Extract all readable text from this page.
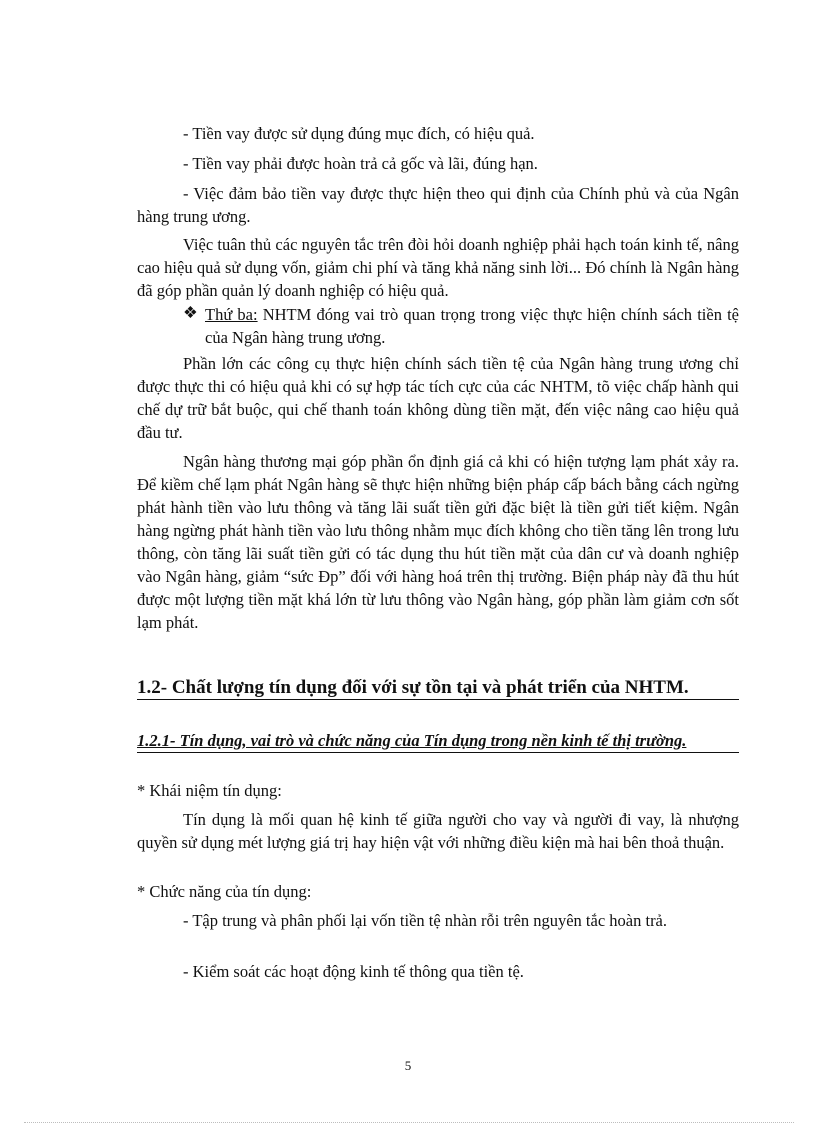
- Tiền vay được sử dụng đúng mục đích, có hiệu quả.

- Tiền vay phải được hoàn trả cả gốc và lãi, đúng hạn.

- Việc đảm bảo tiền vay được thực hiện theo qui định của Chính phủ và của Ngân hàng trung ương.

Việc tuân thủ các nguyên tắc trên đòi hỏi doanh nghiệp phải hạch toán kinh tế, nâng cao hiệu quả sử dụng vốn, giảm chi phí và tăng khả năng sinh lời... Đó chính là Ngân hàng đã góp phần quản lý doanh nghiệp có hiệu quả.

❖ Thứ ba: NHTM đóng vai trò quan trọng trong việc thực hiện chính sách tiền tệ của Ngân hàng trung ương.

Phần lớn các công cụ thực hiện chính sách tiền tệ của Ngân hàng trung ương chỉ được thực thi có hiệu quả khi có sự hợp tác tích cực của các NHTM, tõ việc chấp hành qui chế dự trữ bắt buộc, qui chế thanh toán không dùng tiền mặt, đến việc nâng cao hiệu quả đầu tư.

Ngân hàng thương mại góp phần ổn định giá cả khi có hiện tượng lạm phát xảy ra. Để kiềm chế lạm phát Ngân hàng sẽ thực hiện những biện pháp cấp bách bằng cách ngừng phát hành tiền vào lưu thông và tăng lãi suất tiền gửi đặc biệt là tiền gửi tiết kiệm. Ngân hàng ngừng phát hành tiền vào lưu thông nhằm mục đích không cho tiền tăng lên trong lưu thông, còn tăng lãi suất tiền gửi có tác dụng thu hút tiền mặt của dân cư và doanh nghiệp vào Ngân hàng, giảm “sức Ðp” đối với hàng hoá trên thị trường. Biện pháp này đã thu hút được một lượng tiền mặt khá lớn từ lưu thông vào Ngân hàng, góp phần làm giảm cơn sốt lạm phát.

1.2- Chất lượng tín dụng đối với sự tồn tại và phát triển của NHTM.
1.2.1- Tín dụng, vai trò và chức năng của Tín dụng trong nền kinh tế thị trường.

* Khái niệm tín dụng:

Tín dụng là mối quan hệ kinh tế giữa người cho vay và người đi vay, là nhượng quyền sử dụng mét lượng giá trị hay hiện vật với những điều kiện mà hai bên thoả thuận.

* Chức năng của tín dụng:

- Tập trung và phân phối lại vốn tiền tệ nhàn rỗi trên nguyên tắc hoàn trả.

- Kiểm soát các hoạt động kinh tế thông qua tiền tệ.

5
